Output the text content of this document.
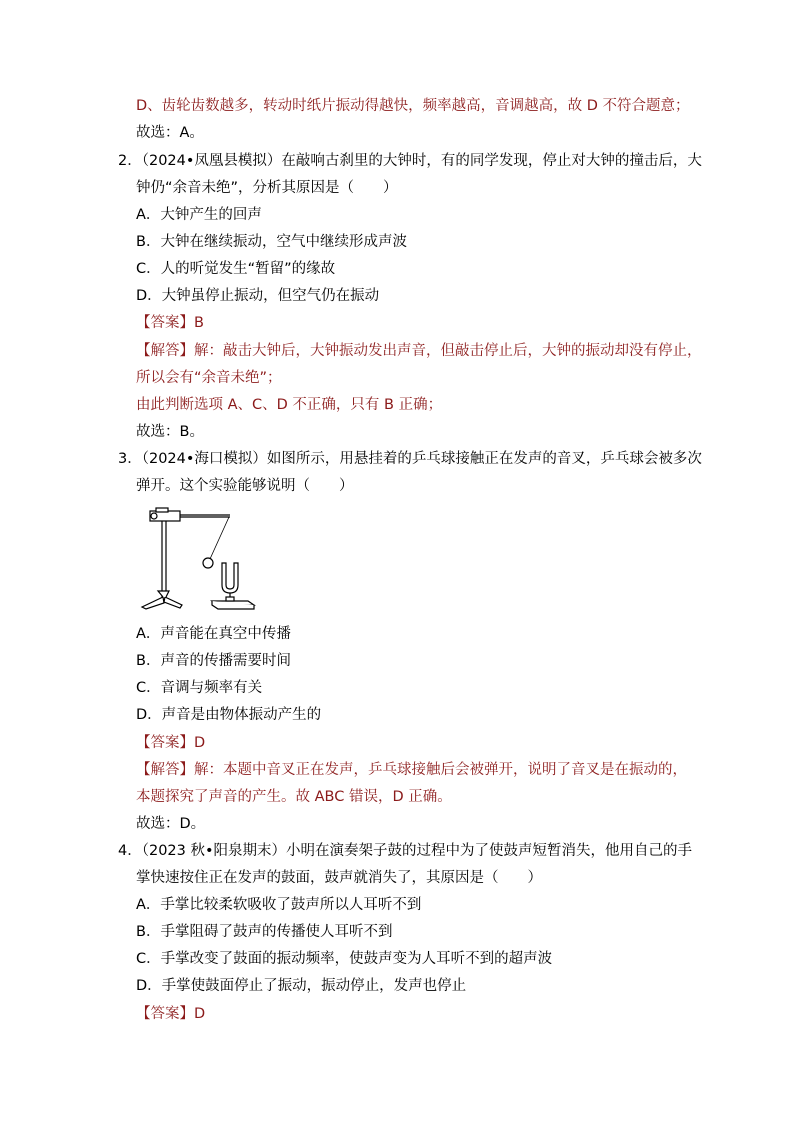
D、齿轮齿数越多，转动时纸片振动得越快，频率越高，音调越高，故 D 不符合题意；
故选：A。
2．（2024•凤凰县模拟）在敲响古刹里的大钟时，有的同学发现，停止对大钟的撞击后，大
钟仍“余音未绝”，分析其原因是（　　）
A．大钟产生的回声
B．大钟在继续振动，空气中继续形成声波
C．人的听觉发生“暂留”的缘故
D．大钟虽停止振动，但空气仍在振动
【答案】B
【解答】解：敲击大钟后，大钟振动发出声音，但敲击停止后，大钟的振动却没有停止，
所以会有“余音未绝”；
由此判断选项 A、C、D 不正确，只有 B 正确；
故选：B。
3．（2024•海口模拟）如图所示，用悬挂着的乒乓球接触正在发声的音叉，乒乓球会被多次
弹开。这个实验能够说明（　　）
A．声音能在真空中传播
B．声音的传播需要时间
C．音调与频率有关
D．声音是由物体振动产生的
【答案】D
【解答】解：本题中音叉正在发声，乒乓球接触后会被弹开，说明了音叉是在振动的，
本题探究了声音的产生。故 ABC 错误，D 正确。
故选：D。
4．（2023 秋•阳泉期末）小明在演奏架子鼓的过程中为了使鼓声短暂消失，他用自己的手
掌快速按住正在发声的鼓面，鼓声就消失了，其原因是（　　）
A．手掌比较柔软吸收了鼓声所以人耳听不到
B．手掌阻碍了鼓声的传播使人耳听不到
C．手掌改变了鼓面的振动频率，使鼓声变为人耳听不到的超声波
D．手掌使鼓面停止了振动，振动停止，发声也停止
【答案】D
